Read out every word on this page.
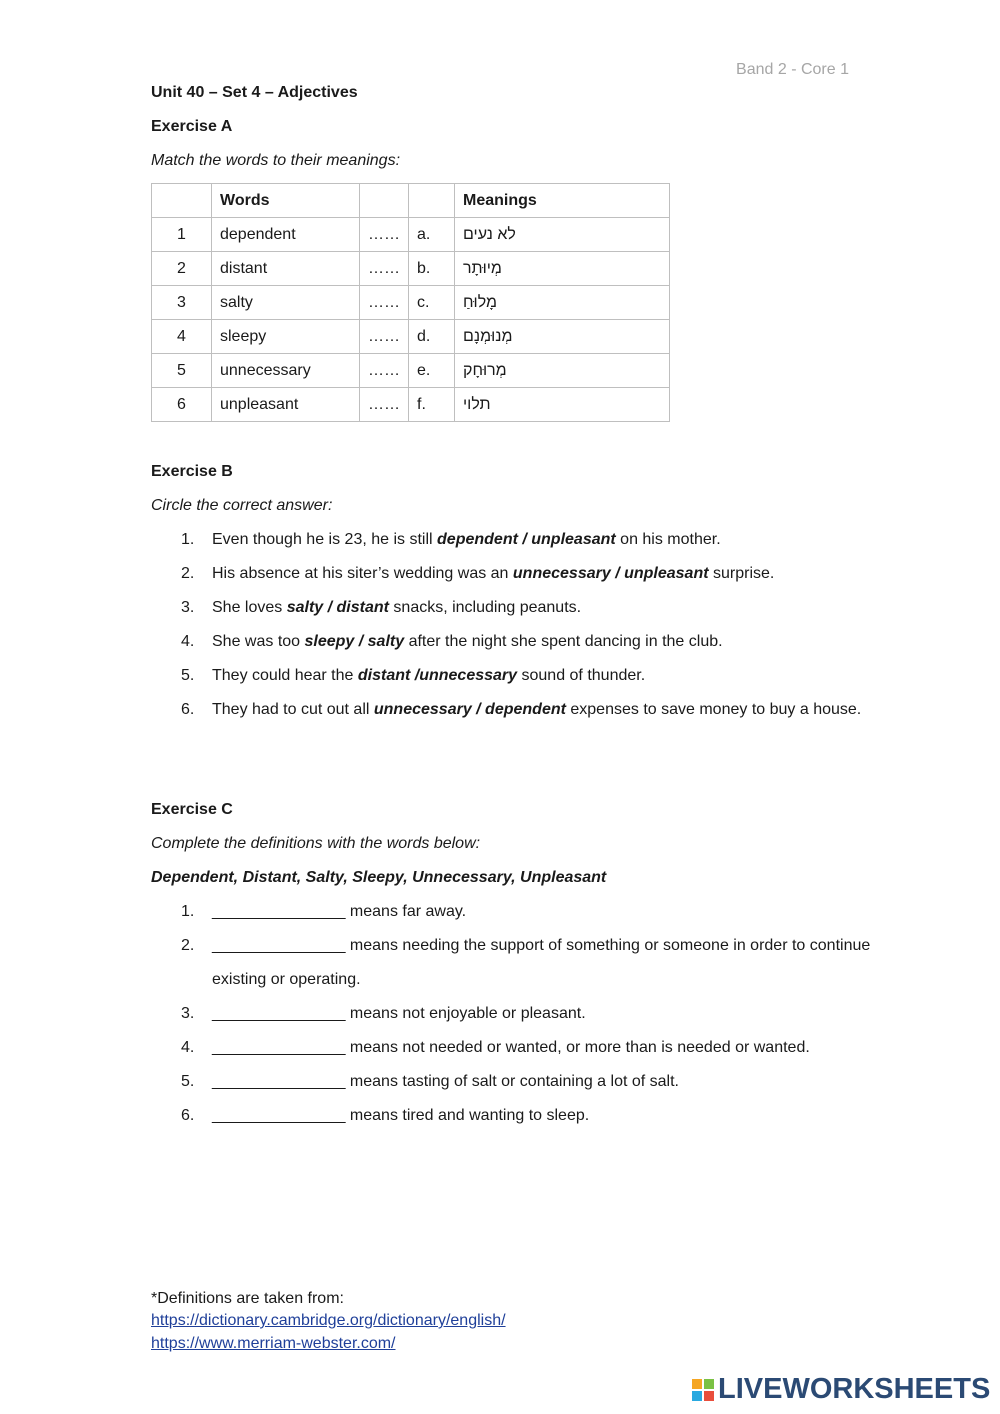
Band 2 - Core 1
Unit 40 – Set 4 – Adjectives
Exercise A
Match the words to their meanings:
	Words			Meanings
1	dependent	……	a.	לא נעים
2	distant	……	b.	מְיוּתָר
3	salty	……	c.	מָלוּחַ
4	sleepy	……	d.	מְנוּמְנָם
5	unnecessary	……	e.	מְרוּחָק
6	unpleasant	……	f.	תלוי
Exercise B
Circle the correct answer:
1. Even though he is 23, he is still dependent / unpleasant on his mother.
2. His absence at his siter’s wedding was an unnecessary / unpleasant surprise.
3. She loves salty / distant snacks, including peanuts.
4. She was too sleepy / salty after the night she spent dancing in the club.
5. They could hear the distant /unnecessary sound of thunder.
6. They had to cut out all unnecessary / dependent expenses to save money to buy a house.
Exercise C
Complete the definitions with the words below:
Dependent, Distant, Salty, Sleepy, Unnecessary, Unpleasant
1. _______________ means far away.
2. _______________ means needing the support of something or someone in order to continue existing or operating.
3. _______________ means not enjoyable or pleasant.
4. _______________ means not needed or wanted, or more than is needed or wanted.
5. _______________ means tasting of salt or containing a lot of salt.
6. _______________ means tired and wanting to sleep.
*Definitions are taken from:
https://dictionary.cambridge.org/dictionary/english/
https://www.merriam-webster.com/
LIVEWORKSHEETS
